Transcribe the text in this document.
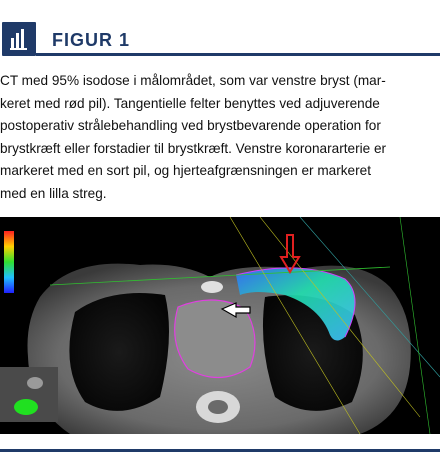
FIGUR 1
CT med 95% isodose i målområdet, som var venstre bryst (mar-
keret med rød pil). Tangentielle felter benyttes ved adjuverende
postoperativ strålebehandling ved brystbevarende operation for
brystkræft eller forstadier til brystkræft. Venstre koronararterie er
markeret med en sort pil, og hjerteafgrænsningen er markeret
med en lilla streg.
